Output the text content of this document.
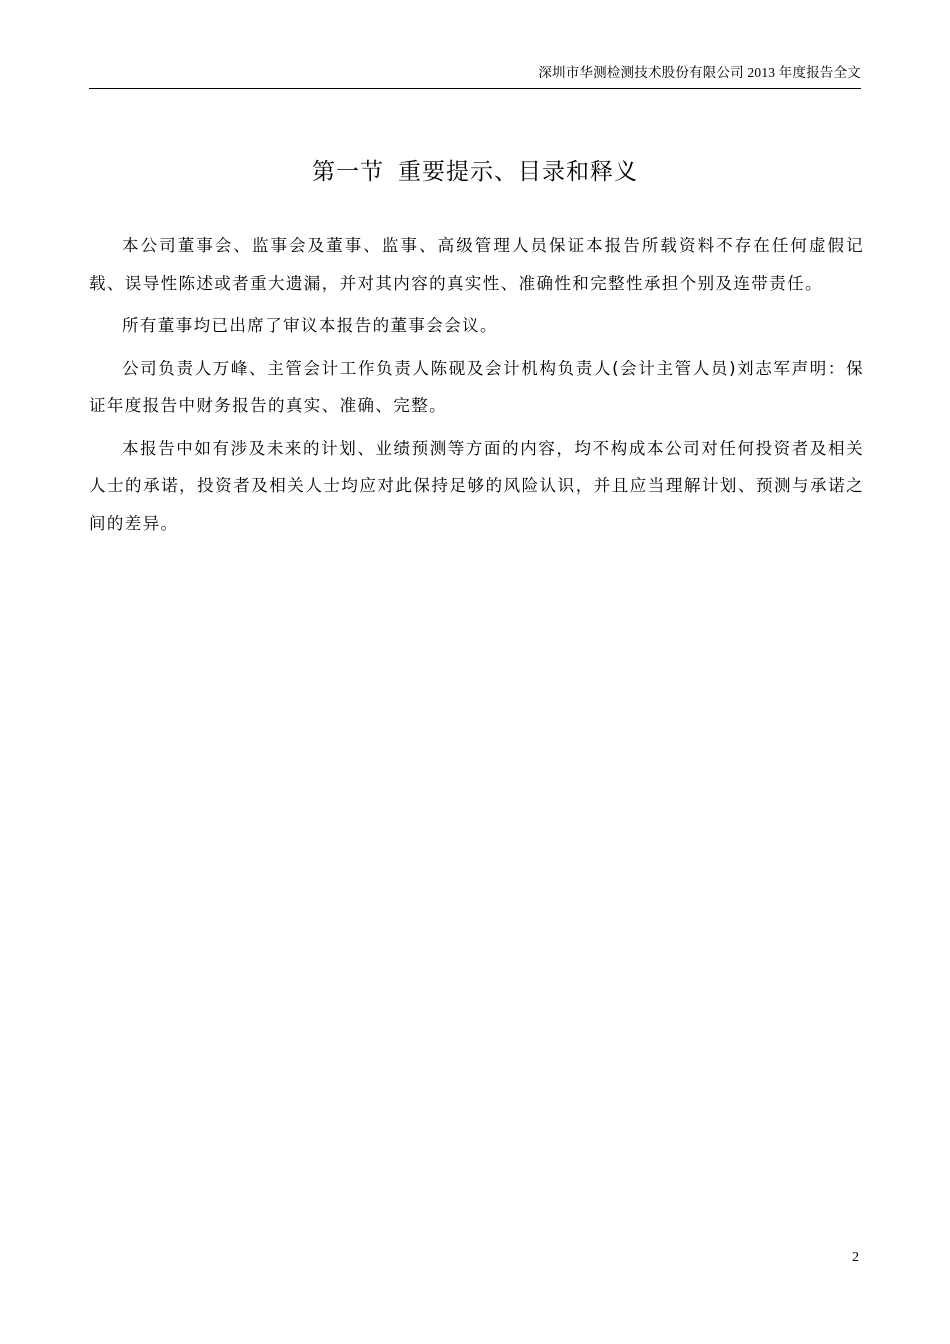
深圳市华测检测技术股份有限公司 2013 年度报告全文
第一节 重要提示、目录和释义

本公司董事会、监事会及董事、监事、高级管理人员保证本报告所载资料不存在任何虚假记载、误导性陈述或者重大遗漏，并对其内容的真实性、准确性和完整性承担个别及连带责任。

所有董事均已出席了审议本报告的董事会会议。

公司负责人万峰、主管会计工作负责人陈砚及会计机构负责人(会计主管人员)刘志军声明：保证年度报告中财务报告的真实、准确、完整。

本报告中如有涉及未来的计划、业绩预测等方面的内容，均不构成本公司对任何投资者及相关人士的承诺，投资者及相关人士均应对此保持足够的风险认识，并且应当理解计划、预测与承诺之间的差异。

2
